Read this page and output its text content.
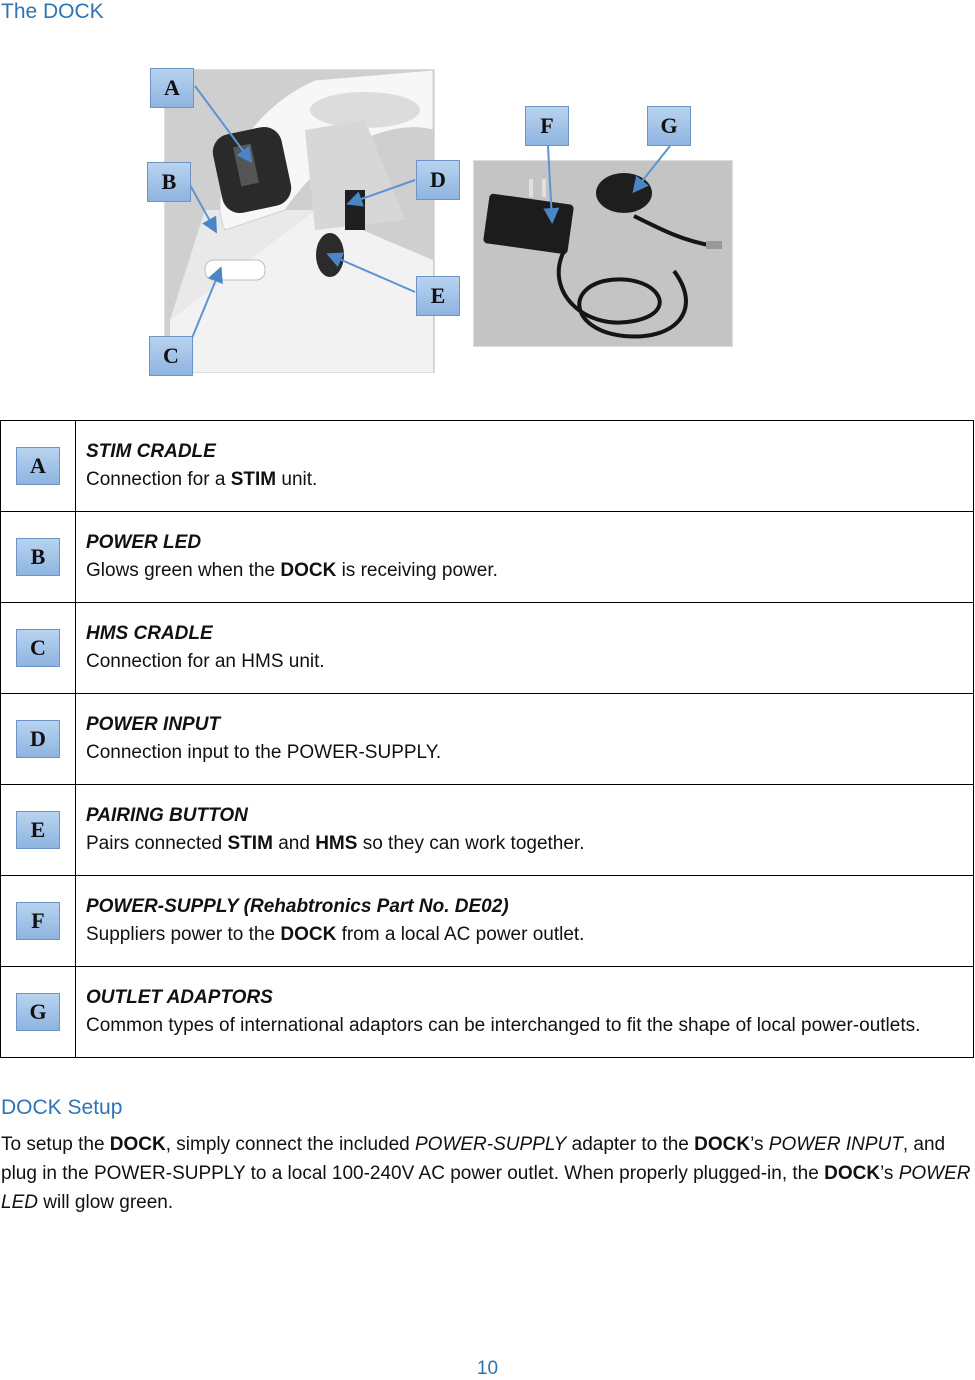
The DOCK
A
B
C
D
E
F	G
A	STIM CRADLE
Connection for a STIM unit.

B	POWER LED
Glows green when the DOCK is receiving power.

C	HMS CRADLE
Connection for an HMS unit.

D	POWER INPUT
Connection input to the POWER-SUPPLY.

E	PAIRING BUTTON
Pairs connected STIM and HMS so they can work together.

F	POWER-SUPPLY (Rehabtronics Part No. DE02)
Suppliers power to the DOCK from a local AC power outlet.

G	OUTLET ADAPTORS
Common types of international adaptors can be interchanged to fit the shape of local power-outlets.
DOCK Setup

To setup the DOCK, simply connect the included POWER-SUPPLY adapter to the DOCK’s POWER INPUT, and plug in the POWER-SUPPLY to a local 100-240V AC power outlet. When properly plugged-in, the DOCK’s POWER LED will glow green.

10
